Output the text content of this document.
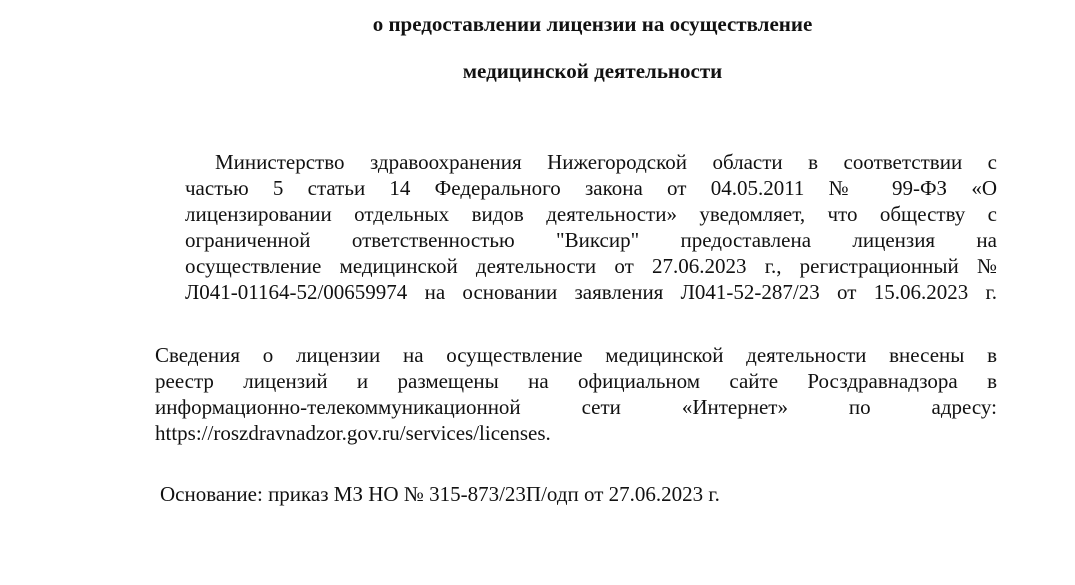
о предоставлении лицензии на осуществление
медицинской деятельности
Министерство здравоохранения Нижегородской области в соответствии с
частью 5 статьи 14 Федерального закона от 04.05.2011 № 99-ФЗ «О
лицензировании отдельных видов деятельности» уведомляет, что обществу с
ограниченной ответственностью "Виксир" предоставлена лицензия на
осуществление медицинской деятельности от 27.06.2023 г., регистрационный №
Л041-01164-52/00659974 на основании заявления Л041-52-287/23 от 15.06.2023 г.
Сведения о лицензии на осуществление медицинской деятельности внесены в
реестр лицензий и размещены на официальном сайте Росздравнадзора в
информационно-телекоммуникационной сети «Интернет» по адресу:
https://roszdravnadzor.gov.ru/services/licenses.
Основание: приказ МЗ НО № 315-873/23П/одп от 27.06.2023 г.
